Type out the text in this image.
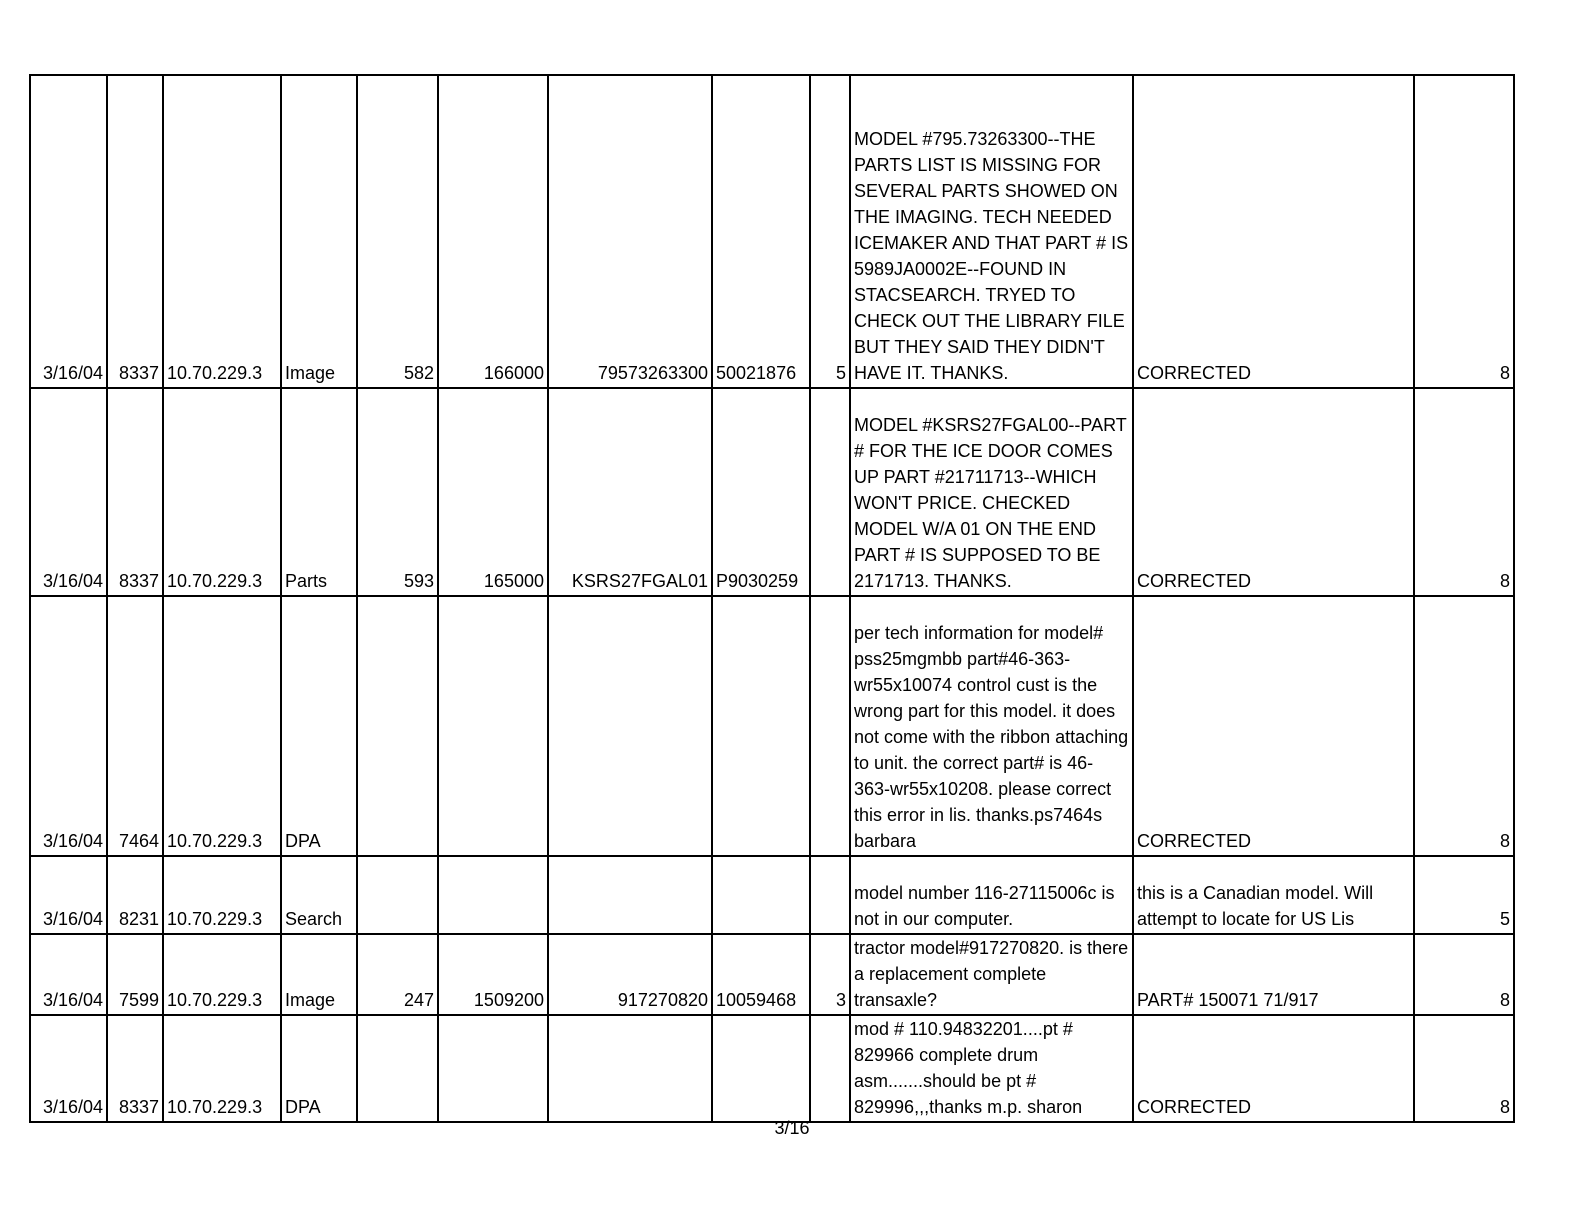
3/16/04	8337	10.70.229.3	Image	582	166000	79573263300	50021876	5	MODEL #795.73263300--THE PARTS LIST IS MISSING FOR SEVERAL PARTS SHOWED ON THE IMAGING. TECH NEEDED ICEMAKER AND THAT PART # IS 5989JA0002E--FOUND IN STACSEARCH. TRYED TO CHECK OUT THE LIBRARY FILE BUT THEY SAID THEY DIDN'T HAVE IT. THANKS.	CORRECTED	8
3/16/04	8337	10.70.229.3	Parts	593	165000	KSRS27FGAL01	P9030259		MODEL #KSRS27FGAL00--PART # FOR THE ICE DOOR COMES UP PART #21711713--WHICH WON'T PRICE. CHECKED MODEL W/A 01 ON THE END PART # IS SUPPOSED TO BE 2171713. THANKS.	CORRECTED	8
3/16/04	7464	10.70.229.3	DPA						per tech information for model# pss25mgmbb part#46-363-wr55x10074 control cust is the wrong part for this model. it does not come with the ribbon attaching to unit. the correct part# is 46-363-wr55x10208. please correct this error in lis. thanks.ps7464s barbara	CORRECTED	8
3/16/04	8231	10.70.229.3	Search						model number 116-27115006c is not in our computer.	this is a Canadian model. Will attempt to locate for US Lis	5
3/16/04	7599	10.70.229.3	Image	247	1509200	917270820	10059468	3	tractor model#917270820. is there a replacement complete transaxle?	PART# 150071 71/917	8
3/16/04	8337	10.70.229.3	DPA						mod # 110.94832201....pt # 829966 complete drum asm.......should be pt # 829996,,,thanks m.p. sharon	CORRECTED	8
3/16
